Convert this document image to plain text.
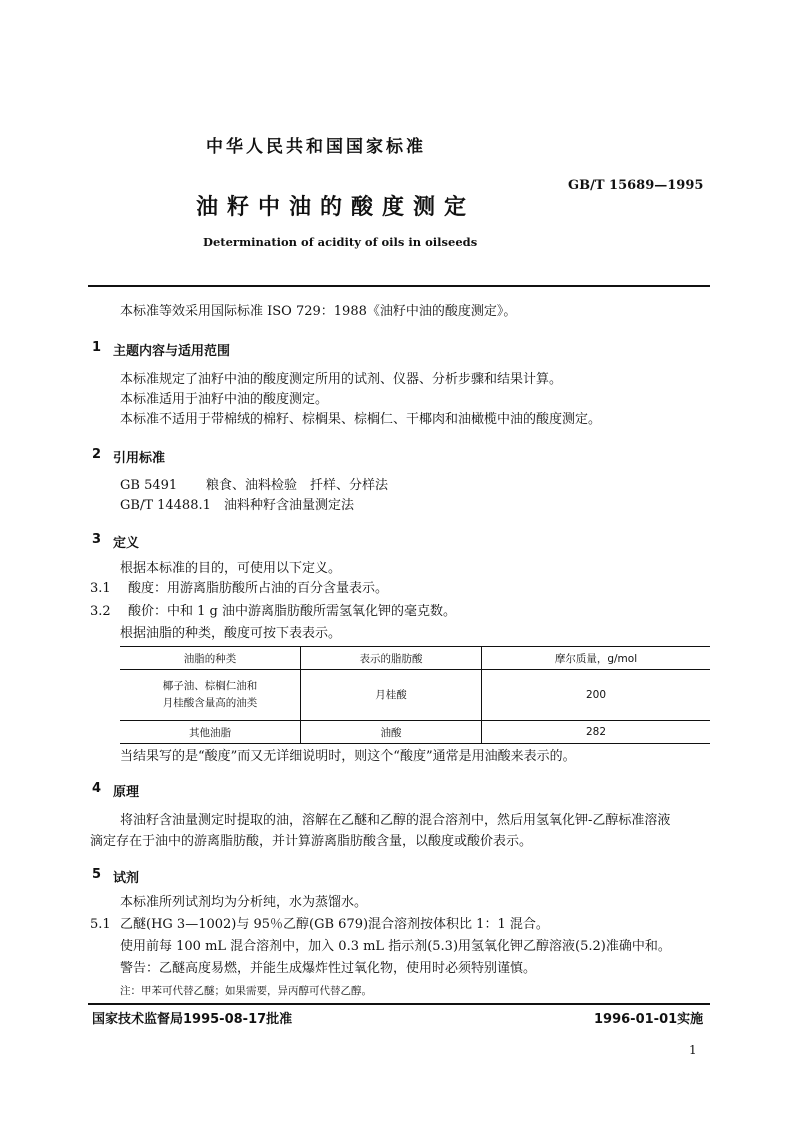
中华人民共和国国家标准
GB/T 15689—1995
油籽中油的酸度测定
Determination of acidity of oils in oilseeds
本标准等效采用国际标准 ISO 729：1988《油籽中油的酸度测定》。
1 主题内容与适用范围
本标准规定了油籽中油的酸度测定所用的试剂、仪器、分析步骤和结果计算。
本标准适用于油籽中油的酸度测定。
本标准不适用于带棉绒的棉籽、棕榈果、棕榈仁、干椰肉和油橄榄中油的酸度测定。
2 引用标准
GB 5491 粮食、油料检验　扦样、分样法
GB/T 14488.1 油料种籽含油量测定法
3 定义
根据本标准的目的，可使用以下定义。
3.1 酸度：用游离脂肪酸所占油的百分含量表示。
3.2 酸价：中和 1 g 油中游离脂肪酸所需氢氧化钾的毫克数。
根据油脂的种类，酸度可按下表表示。
油脂的种类	表示的脂肪酸	摩尔质量，g/mol

椰子油、棕榈仁油和
月桂酸含量高的油类	月桂酸	200
其他油脂	油酸	282
当结果写的是“酸度”而又无详细说明时，则这个“酸度”通常是用油酸来表示的。
4 原理
将油籽含油量测定时提取的油，溶解在乙醚和乙醇的混合溶剂中，然后用氢氧化钾-乙醇标准溶液
滴定存在于油中的游离脂肪酸，并计算游离脂肪酸含量，以酸度或酸价表示。
5 试剂
本标准所列试剂均为分析纯，水为蒸馏水。
5.1 乙醚(HG 3—1002)与 95％乙醇(GB 679)混合溶剂按体积比 1：1 混合。
使用前每 100 mL 混合溶剂中，加入 0.3 mL 指示剂(5.3)用氢氧化钾乙醇溶液(5.2)准确中和。
警告：乙醚高度易燃，并能生成爆炸性过氧化物，使用时必须特别谨慎。
注：甲苯可代替乙醚；如果需要，异丙醇可代替乙醇。
国家技术监督局1995-08-17批准	1996-01-01实施
1
